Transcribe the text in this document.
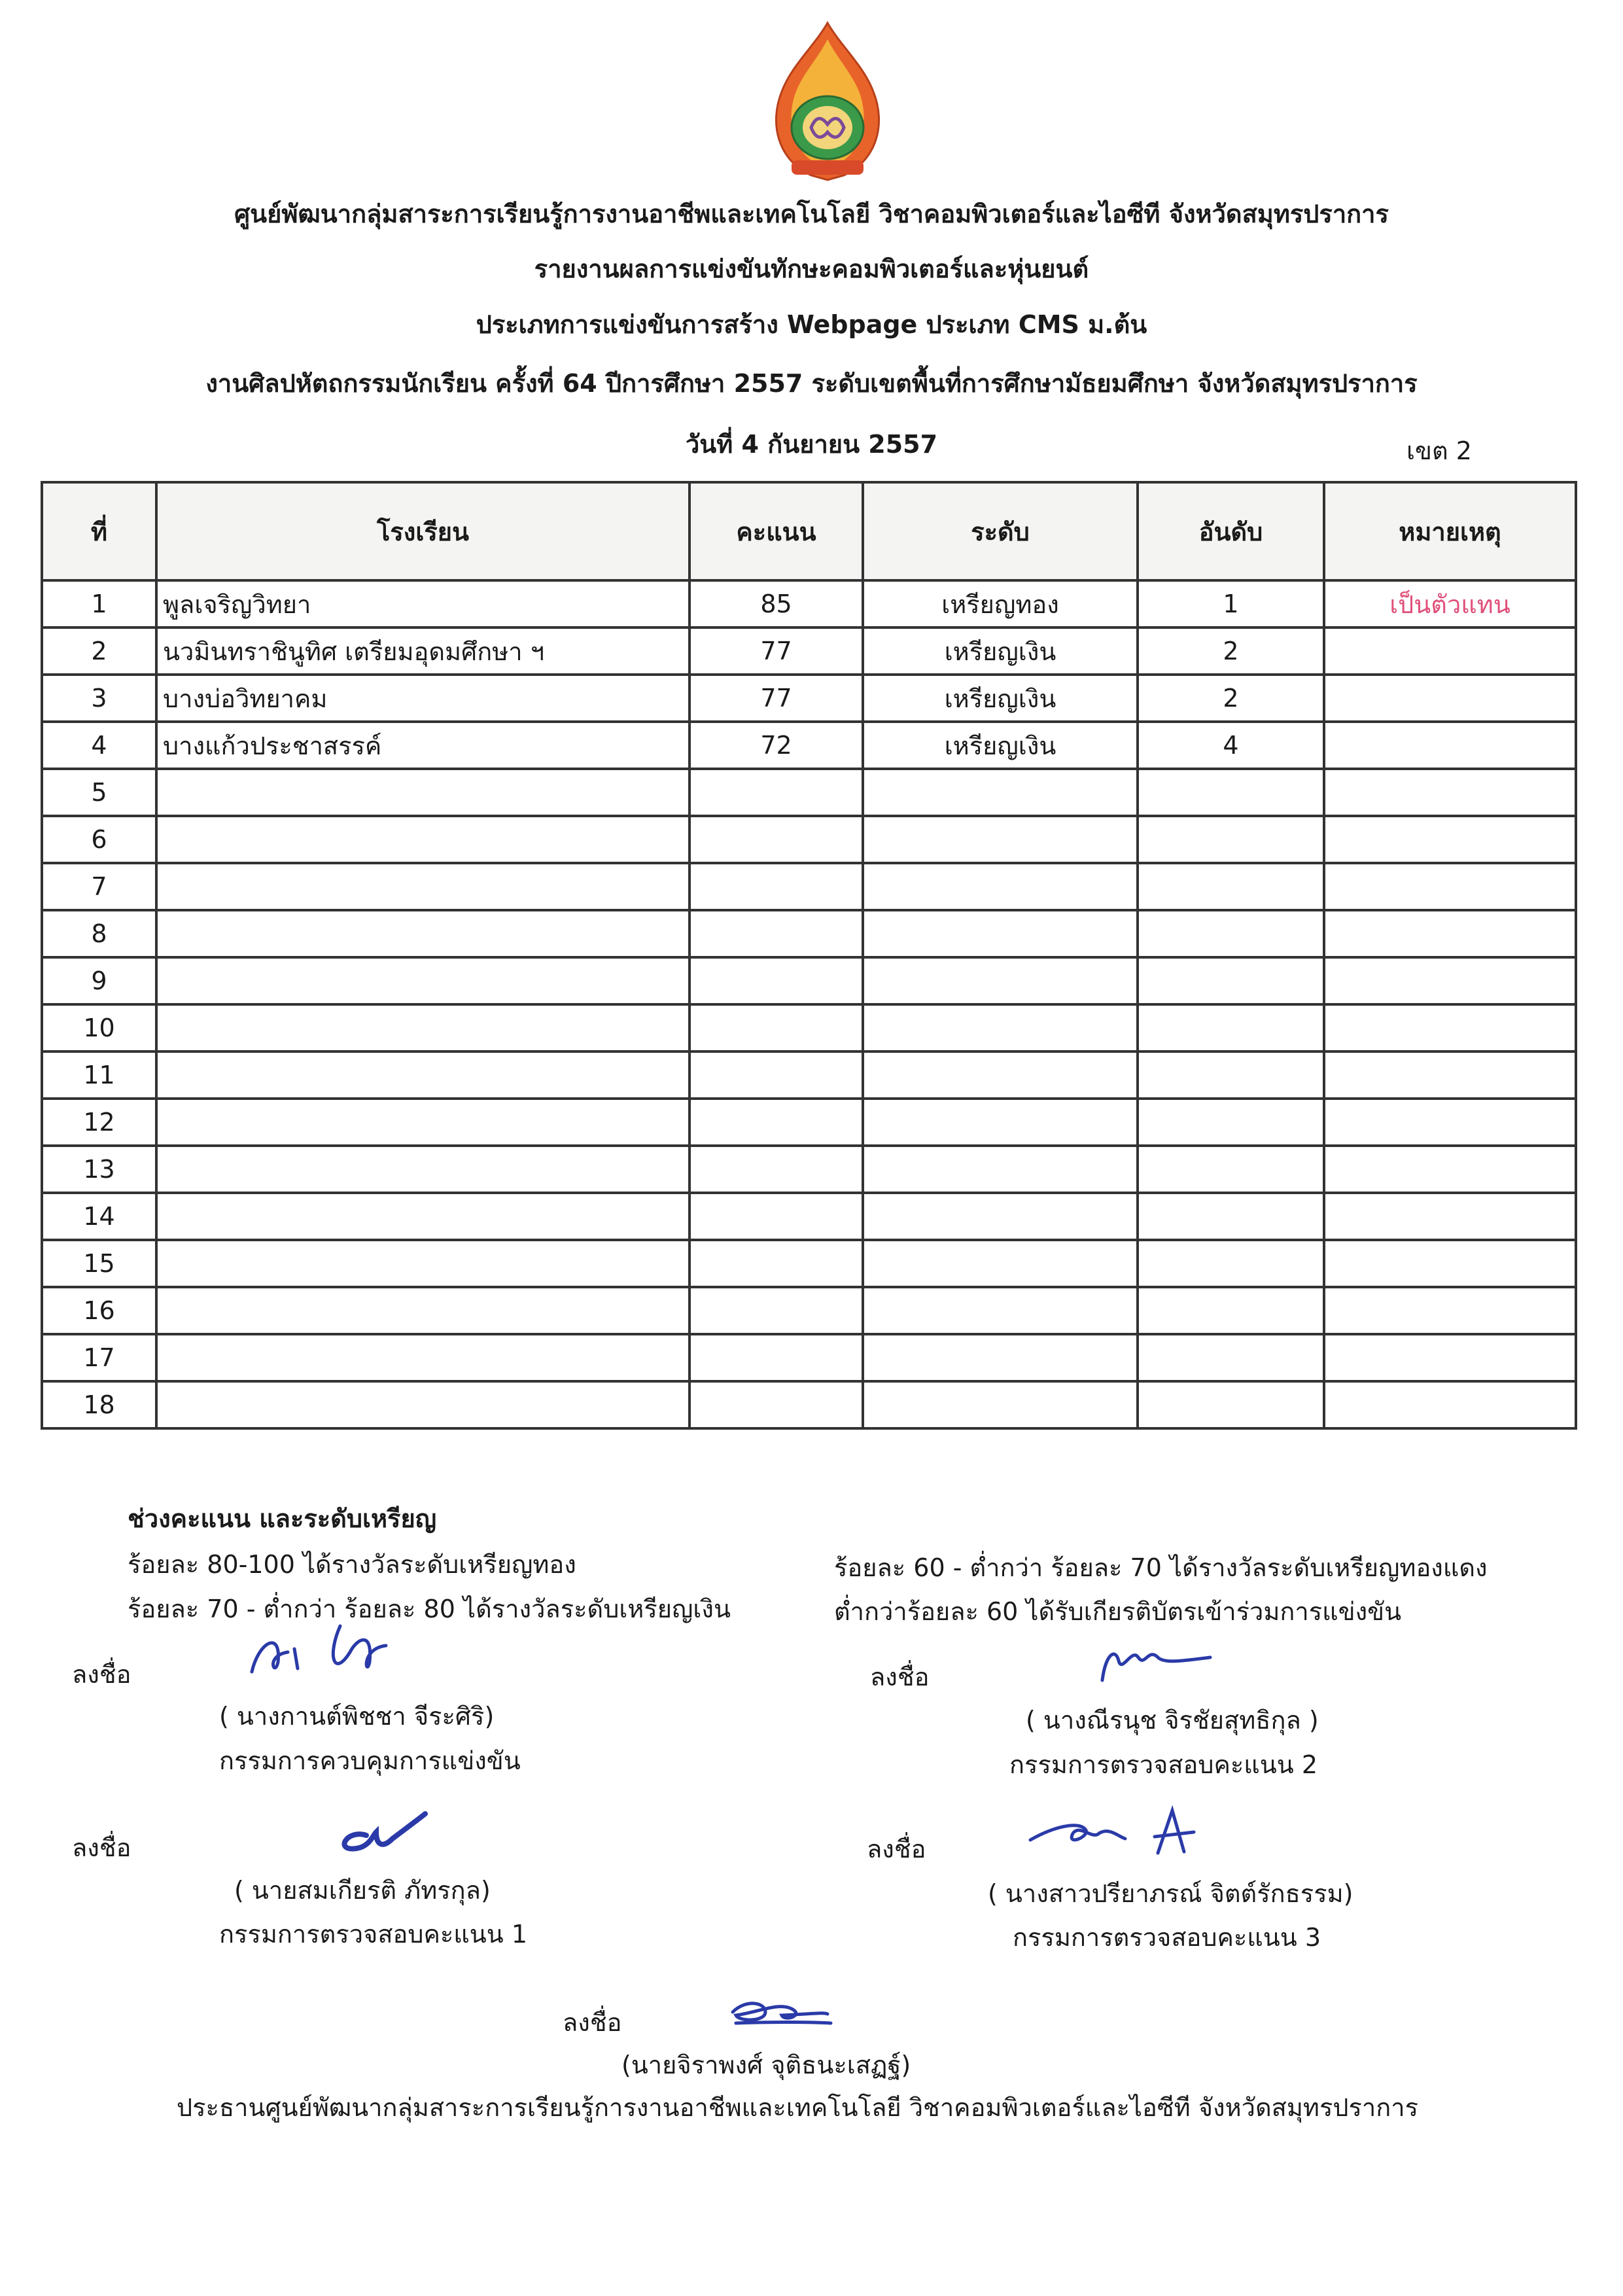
ศูนย์พัฒนากลุ่มสาระการเรียนรู้การงานอาชีพและเทคโนโลยี วิชาคอมพิวเตอร์และไอซีที จังหวัดสมุทรปราการ
รายงานผลการแข่งขันทักษะคอมพิวเตอร์และหุ่นยนต์
ประเภทการแข่งขันการสร้าง Webpage ประเภท CMS ม.ต้น
งานศิลปหัตถกรรมนักเรียน ครั้งที่ 64 ปีการศึกษา 2557 ระดับเขตพื้นที่การศึกษามัธยมศึกษา จังหวัดสมุทรปราการ
วันที่ 4 กันยายน 2557	เขต 2
ที่	โรงเรียน	คะแนน	ระดับ	อันดับ	หมายเหตุ
1	พูลเจริญวิทยา	85	เหรียญทอง	1	เป็นตัวแทน
2	นวมินทราชินูทิศ เตรียมอุดมศึกษา ฯ	77	เหรียญเงิน	2	
3	บางบ่อวิทยาคม	77	เหรียญเงิน	2	
4	บางแก้วประชาสรรค์	72	เหรียญเงิน	4	
5					
6					
7					
8					
9					
10					
11					
12					
13					
14					
15					
16					
17					
18					
ช่วงคะแนน และระดับเหรียญ
ร้อยละ 80-100 ได้รางวัลระดับเหรียญทอง
ร้อยละ 70 - ต่ำกว่า ร้อยละ 80 ได้รางวัลระดับเหรียญเงิน
ร้อยละ 60 - ต่ำกว่า ร้อยละ 70 ได้รางวัลระดับเหรียญทองแดง
ต่ำกว่าร้อยละ 60 ได้รับเกียรติบัตรเข้าร่วมการแข่งขัน
ลงชื่อ
( นางกานต์พิชชา จีระศิริ)
กรรมการควบคุมการแข่งขัน
ลงชื่อ
( นางณีรนุช จิรชัยสุทธิกุล )
กรรมการตรวจสอบคะแนน 2
ลงชื่อ
( นายสมเกียรติ ภัทรกุล)
กรรมการตรวจสอบคะแนน 1
ลงชื่อ
( นางสาวปรียาภรณ์ จิตต์รักธรรม)
กรรมการตรวจสอบคะแนน 3
ลงชื่อ
(นายจิราพงศ์ จุติธนะเสฏฐ์)
ประธานศูนย์พัฒนากลุ่มสาระการเรียนรู้การงานอาชีพและเทคโนโลยี วิชาคอมพิวเตอร์และไอซีที จังหวัดสมุทรปราการ
